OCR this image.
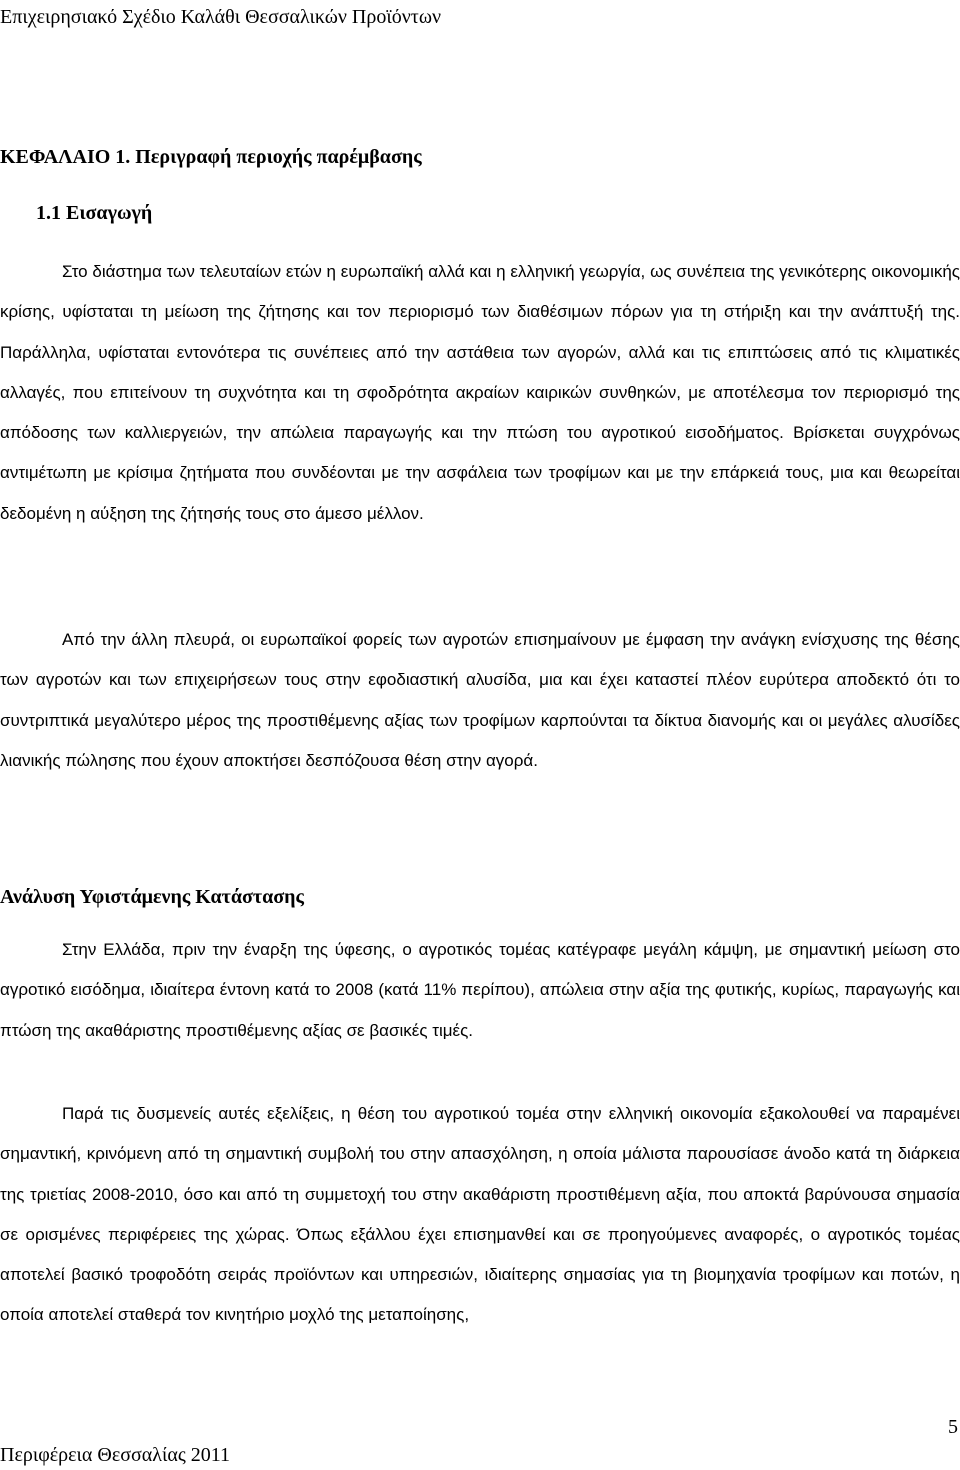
Επιχειρησιακό Σχέδιο Καλάθι Θεσσαλικών Προϊόντων
ΚΕΦΑΛΑΙΟ 1. Περιγραφή περιοχής παρέμβασης
1.1 Εισαγωγή

Στο διάστημα των τελευταίων ετών η ευρωπαϊκή αλλά και η ελληνική γεωργία, ως συνέπεια της γενικότερης οικονομικής κρίσης, υφίσταται τη μείωση της ζήτησης και τον περιορισμό των διαθέσιμων πόρων για τη στήριξη και την ανάπτυξή της. Παράλληλα, υφίσταται εντονότερα τις συνέπειες από την αστάθεια των αγορών, αλλά και τις επιπτώσεις από τις κλιματικές αλλαγές, που επιτείνουν τη συχνότητα και τη σφοδρότητα ακραίων καιρικών συνθηκών, με αποτέλεσμα τον περιορισμό της απόδοσης των καλλιεργειών, την απώλεια παραγωγής και την πτώση του αγροτικού εισοδήματος. Βρίσκεται συγχρόνως αντιμέτωπη με κρίσιμα ζητήματα που συνδέονται με την ασφάλεια των τροφίμων και με την επάρκειά τους, μια και θεωρείται δεδομένη η αύξηση της ζήτησής τους στο άμεσο μέλλον.

Από την άλλη πλευρά, οι ευρωπαϊκοί φορείς των αγροτών επισημαίνουν με έμφαση την ανάγκη ενίσχυσης της θέσης των αγροτών και των επιχειρήσεων τους στην εφοδιαστική αλυσίδα, μια και έχει καταστεί πλέον ευρύτερα αποδεκτό ότι το συντριπτικά μεγαλύτερο μέρος της προστιθέμενης αξίας των τροφίμων καρπούνται τα δίκτυα διανομής και οι μεγάλες αλυσίδες λιανικής πώλησης που έχουν αποκτήσει δεσπόζουσα θέση στην αγορά.

Ανάλυση Υφιστάμενης Κατάστασης

Στην Ελλάδα, πριν την έναρξη της ύφεσης, ο αγροτικός τομέας κατέγραφε μεγάλη κάμψη, με σημαντική μείωση στο αγροτικό εισόδημα, ιδιαίτερα έντονη κατά το 2008 (κατά 11% περίπου), απώλεια στην αξία της φυτικής, κυρίως, παραγωγής και πτώση της ακαθάριστης προστιθέμενης αξίας σε βασικές τιμές.

Παρά τις δυσμενείς αυτές εξελίξεις, η θέση του αγροτικού τομέα στην ελληνική οικονομία εξακολουθεί να παραμένει σημαντική, κρινόμενη από τη σημαντική συμβολή του στην απασχόληση, η οποία μάλιστα παρουσίασε άνοδο κατά τη διάρκεια της τριετίας 2008-2010, όσο και από τη συμμετοχή του στην ακαθάριστη προστιθέμενη αξία, που αποκτά βαρύνουσα σημασία σε ορισμένες περιφέρειες της χώρας. Όπως εξάλλου έχει επισημανθεί και σε προηγούμενες αναφορές, ο αγροτικός τομέας αποτελεί βασικό τροφοδότη σειράς προϊόντων και υπηρεσιών, ιδιαίτερης σημασίας για τη βιομηχανία τροφίμων και ποτών, η οποία αποτελεί σταθερά τον κινητήριο μοχλό της μεταποίησης,

5
Περιφέρεια Θεσσαλίας 2011
